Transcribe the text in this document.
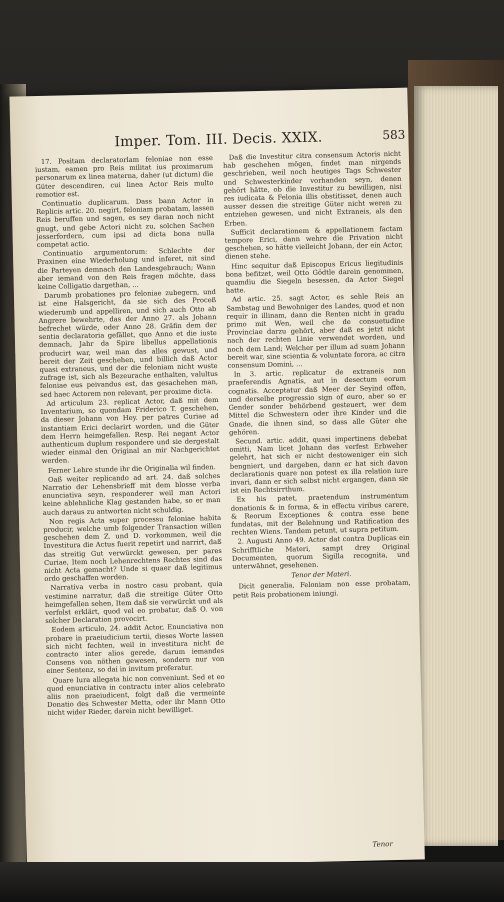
Imper. Tom. III. Decis. XXIX.	583

17. Positam declaratorlam feloniae non esse iustam, eamen pro Reis militat ius proximarum personarum ex linea materna, daher (ut dictum) die Güter descendiren, cui linea Actor Reis multo remotior est.

Continuatio duplicarum. Dass bann Actor in Replicis artic. 20. negirt, feloniam probatam, lassen Reis beruffen und sagen, es sey daran noch nicht gnugt, und gebe Actori nicht zu, solchen Sachen jesserfordern, cum ipsi ad dicta bona nulla competat actio.

Continuatio argumentorum: Schlechte der Praxinen eine Wiederholung und inferet, nit sind die Parteyen demnach den Landesgebrauch; Wann aber iemand von den Reis fragen möchte, dass keine Colligatio dargethan, ...

Darumb probationes pro feloniae zubegern, und ist eine Halsgericht, da sie sich des Proceß wiederumb und appelliren, und sich auch Otto ab Angrere bewehrte, das der Anno 27. als Johann befrechet würde, oder Anno 28. Gräfin dem der sentia declaratoria gefället, quo Anno et die iuste demnach, Jahr da Spire libellus appellationis producirt war, weil man das alles gewust, und bereit der Zeit geschehen, und billich daß Actor quasi extraneus, und der die feloniam nicht wuste zufrage ist, sich als Bezeurache enthalten, valultus feloniae eus peivandus est, das gesachehen man, sed haec Actorem non relevant, per proxime dicta.

Ad articulum 23. replicat Actor, daß mit dem Inventarium, so quondam Friderico T. geschehen, da dieser Johann von Hey. per patres Curiae ad instantiam Erici declarirt worden, und die Güter dem Herrn heimgefallen. Resp. Rei negant Actor authenticum duplum respondere und sie dergestalt wieder einmal den Original an mir Nachgerichtet werden.

Ferner Lehre stunde ihr die Originalia wil finden.

Oaß weiter replicando ad art. 24. daß solches Narratio der Lehensbrieff mit dem blosse verba enunciativa seyn, responderer weil man Actori keine ablehnliche Klag gestanden habe, so er man auch daraus zu antworten nicht schuldig.

Non regis Acta super processu feloniae habita producir, welche umb folgender Transaction willen geschehen dem Z. und D. vorkommen, weil die Investitura die Actus fuerit repetirt und narrirt, daß das streitig Gut verwürckt gewesen, per pares Curiae, Item noch Lehenrechtens Rechtes sind das nicht Acta gemacht? Unde si quaer daß legitimus ordo geschaffen worden.

Narrativa verba in nostro casu probant, quia vestimine narratur, daß die streitige Güter Otto heimgefallen sehen, Item daß sie verwürckt und als verfolst erklärt, quod vel eo probatur, daß O. von solcher Declaration provocirt.

Eodem articulo, 24. addit Actor, Enunciativa non probare in praeiudicium tertii, dieses Worte lassen sich nicht fechten, weil in investitura nicht de contracto inter alios gerede, darum iemandes Consens von nöthen gewesen, sondern nur von einer Sentenz, so dai in invitum proferatur.

Quare Iura allegata hic non conveniunt. Sed et eo quod enunciativa in contractu inter alios celebrato aliis non praeiudicent, folgt daß die vermeinte Donatio des Schwester Metta, oder ihr Mann Otto nicht wider Rieder, darein nicht bewilliget.

Daß die Investitur citra consensum Actoris nicht hab geschehen mögen, findet man nirgends geschrieben, weil noch heutiges Tags Schwester und Schwesterkinder vorhanden seyn, denen gehört hätte, ob die Investitur zu bewilligen, nisi res iudicata & Felonia illis obstitisset, denen auch ausser dessen die streitige Güter nicht weren zu entziehen gewesen, und nicht Extraneis, als den Erben.

Sufficit declarationem & appellationem factam tempore Erici, dann wehre die Privation nicht geschehen, so hätte vielleicht Johann, der ein Actor, dienen stehe.

Hinc sequitur daß Episcopus Ericus liegitudinis bona befitzet, weil Otto Gödtle darein genommen, quamdiu die Siegeln besessen, da Actor Siegel hatte.

Ad artic. 25. sagt Actor, es sehle Reis an Sambstag und Bewohniger des Landes, quod et non requir in illinam, dann die Renten nicht in gradu primo mit Wen, weil che de consuetudine Provinciae darzu gehört, aber daß es jetzt nicht nach der rechten Linie verwendet worden, und noch dem Land; Welcher per illum ad suam Johann bereit war, sine scientia & voluntate forora, ac citra consensum Domini, ...

In 3. artic. replicatur de extraneis non praeferendis Agnatis, aut in desectum eorum cognatis. Acceptatur daß Meer der Seyind offen, und derselbe progressio sign of euro, aber so er Gender sonder behörbend gesteuert, wer dem Mittel die Schwestern oder ihre Kinder und die Gnade, die ihnen sind, so dass alle Güter ehe gehören.

Secund. artic. addit, quasi impertinens debebat omitti, Nam licet Johann das verfest Erbweher gelehrt, hat sich er nicht destoweniger ein sich bengniert, und dargeben, dann er hat sich davon declarationis quare non potest ex illa relation iure invari, dann er sich selbst nicht ergangen, dann sie ist ein Rechtsirrthum.

Ex his patet, praetendum instrumentum donationis & in forma, & in effectu viribus carere, & Reorum Exceptiones & contra esse bene fundatas, mit der Belehnung und Ratification des rechten Wiens. Tandem petunt, ut supra petitum.

2. Augusti Anno 49. Actor dat contra Duplicas ein Schrifftliche Materi, sampt drey Original Documenten, quorum Sigilla recognita, und unterwähnet, gesehenen.

Tenor der Materi.

Dicit generalia, Feloniam non esse probatam, petit Reis probationem iniungi.

Tenor
